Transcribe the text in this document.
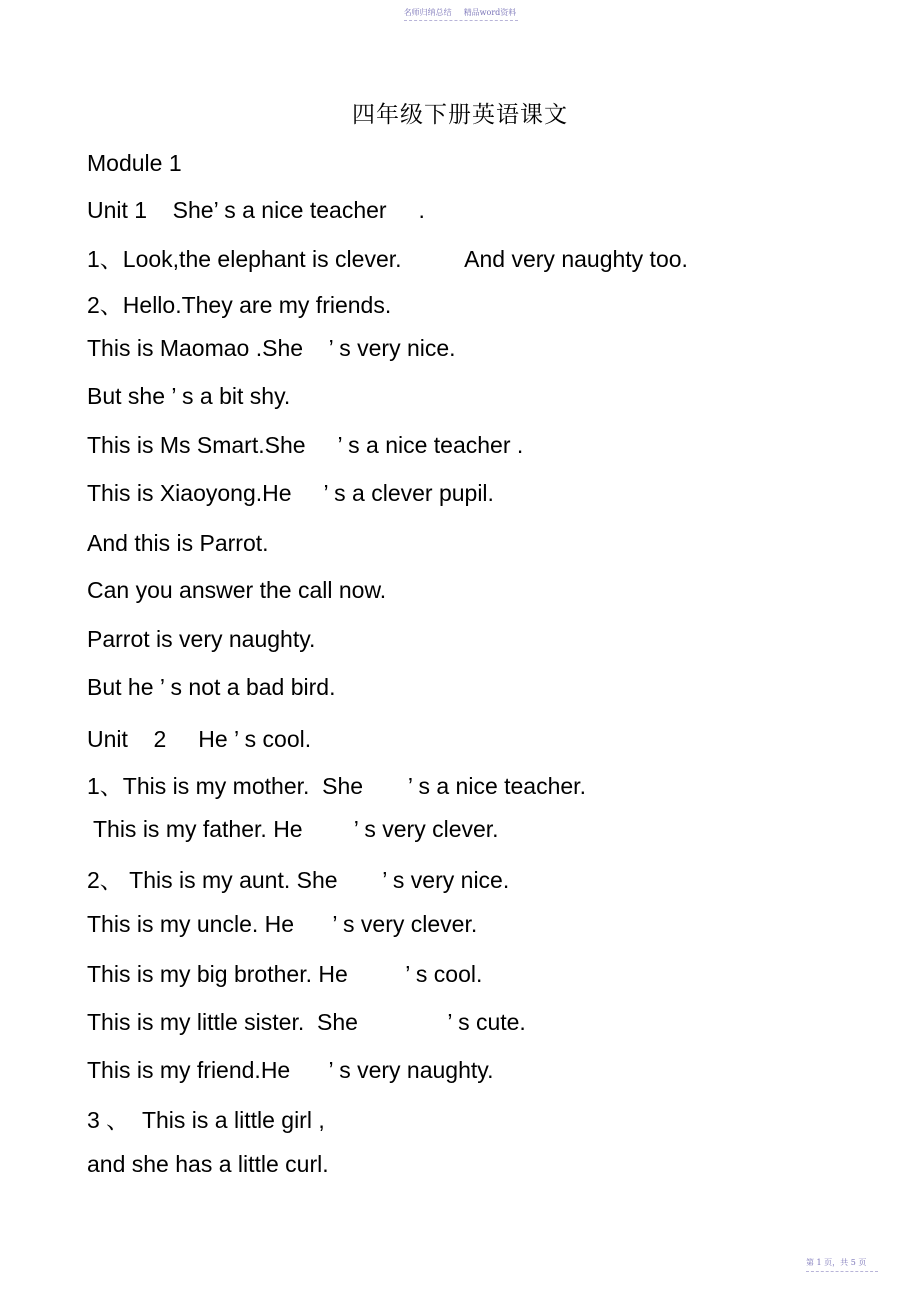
名师归纳总结 精品word资料
四年级下册英语课文
Module 1
Unit 1    She’ s a nice teacher     .
1、Look,the elephant is clever.          And very naughty too.
2、Hello.They are my friends.
This is Maomao .She    ’ s very nice.
But she ’ s a bit shy.
This is Ms Smart.She     ’ s a nice teacher .
This is Xiaoyong.He     ’ s a clever pupil.
And this is Parrot.
Can you answer the call now.
Parrot is very naughty.
But he ’ s not a bad bird.
Unit    2     He ’ s cool.
1、This is my mother.  She       ’ s a nice teacher.
This is my father. He        ’ s very clever.
2、 This is my aunt. She       ’ s very nice.
This is my uncle. He      ’ s very clever.
This is my big brother. He         ’ s cool.
This is my little sister.  She              ’ s cute.
This is my friend.He      ’ s very naughty.
3 、  This is a little girl ,
and she has a little curl.
第 1 页，共 5 页
